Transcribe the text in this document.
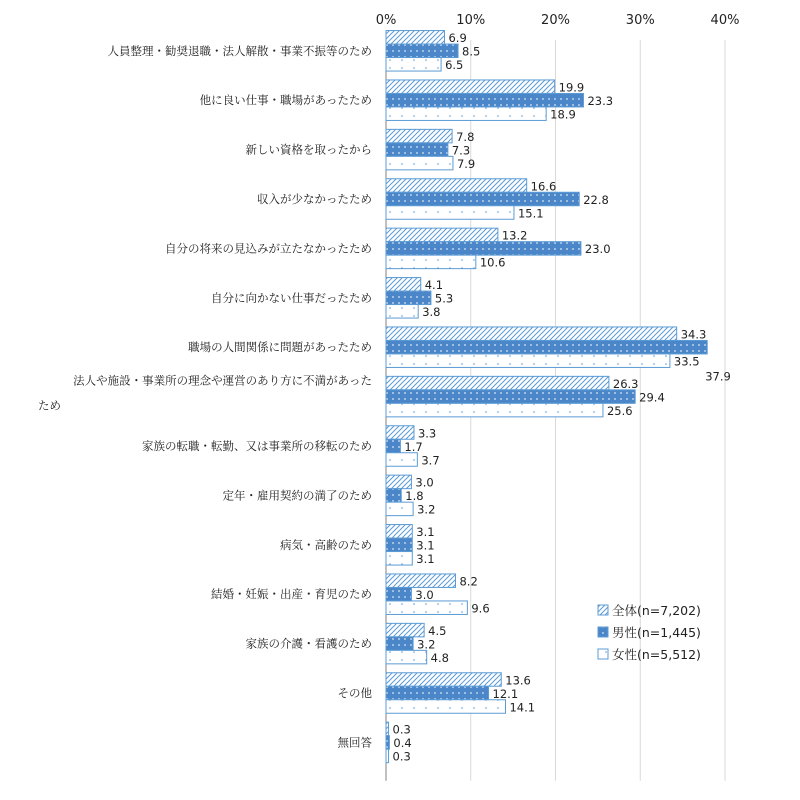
0%	10%	20%	30%	40%
人員整理・勧奨退職・法人解散・事業不振等のため
他に良い仕事・職場があったため
新しい資格を取ったから
収入が少なかったため
自分の将来の見込みが立たなかったため
自分に向かない仕事だったため
職場の人間関係に問題があったため
法人や施設・事業所の理念や運営のあり方に不満があった
ため
家族の転職・転勤、又は事業所の移転のため
定年・雇用契約の満了のため
病気・高齢のため
結婚・妊娠・出産・育児のため
家族の介護・看護のため
その他
無回答
6.9
8.5
6.5
19.9
23.3
18.9
7.8
7.3
7.9
16.6
22.8
15.1
13.2
23.0
10.6
4.1
5.3
3.8
34.3
37.9
33.5
26.3
29.4
25.6
3.3
1.7
3.7
3.0
1.8
3.2
3.1
3.1
3.1
8.2
3.0
9.6
4.5
3.2
4.8
13.6
12.1
14.1
0.3
0.4
0.3
全体(n=7,202)
男性(n=1,445)
女性(n=5,512)
